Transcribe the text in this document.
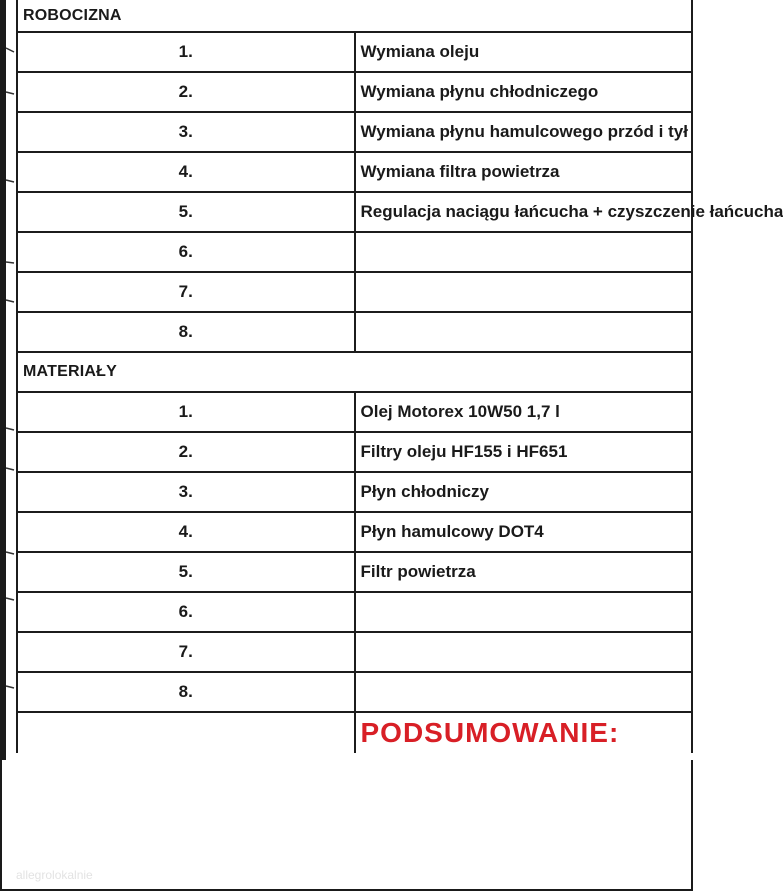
ROBOCIZNA	
1.	Wymiana oleju
2.	Wymiana płynu chłodniczego
3.	Wymiana płynu hamulcowego przód i tył
4.	Wymiana filtra powietrza
5.	Regulacja naciągu łańcucha + czyszczenie łańcucha
6.	
7.	
8.	
MATERIAŁY	
1.	Olej Motorex 10W50 1,7 l
2.	Filtry oleju HF155 i HF651
3.	Płyn chłodniczy
4.	Płyn hamulcowy DOT4
5.	Filtr powietrza
6.	
7.	
8.	

	PODSUMOWANIE:
allegrolokalnie
